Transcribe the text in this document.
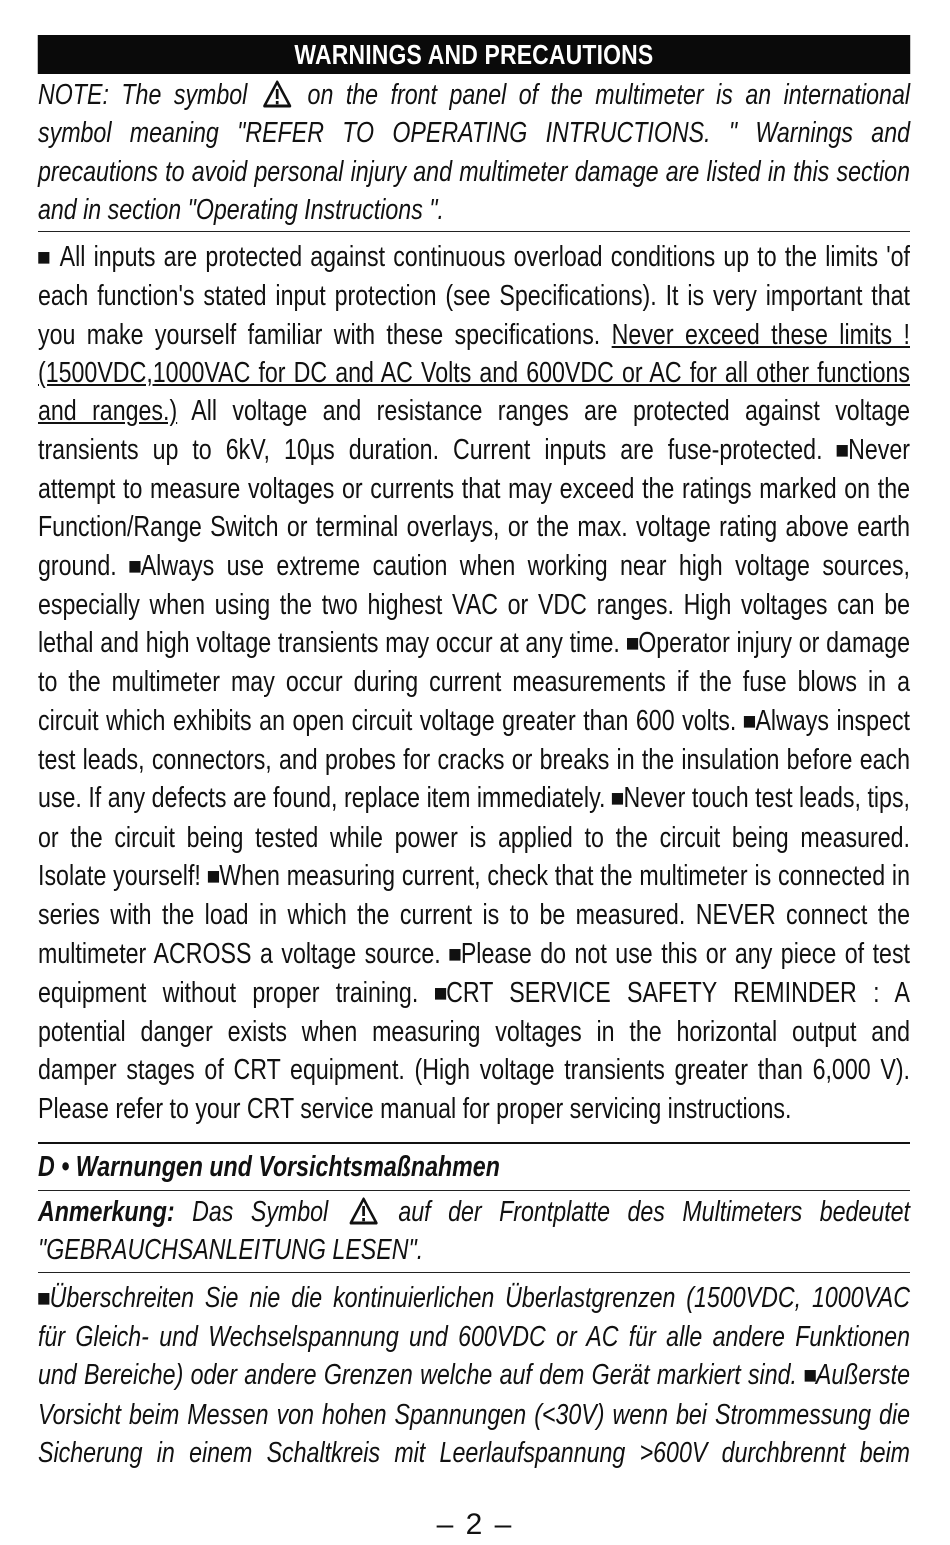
WARNINGS AND PRECAUTIONS
NOTE: The symbol on the front panel of the multimeter is an international symbol meaning "REFER TO OPERATING INTRUCTIONS. " Warnings and precautions to avoid personal injury and multimeter damage are listed in this section and in section "Operating Instructions ".
■ All inputs are protected against continuous overload conditions up to the limits 'of each function's stated input protection (see Specifications). It is very important that you make yourself familiar with these specifications. Never exceed these limits ! (1500VDC,1000VAC for DC and AC Volts and 600VDC or AC for all other functions and ranges.) All voltage and resistance ranges are protected against voltage transients up to 6kV, 10µs duration. Current inputs are fuse-protected. ■Never attempt to measure voltages or currents that may exceed the ratings marked on the Function/Range Switch or terminal overlays, or the max. voltage rating above earth ground. ■Always use extreme caution when working near high voltage sources, especially when using the two highest VAC or VDC ranges. High voltages can be lethal and high voltage transients may occur at any time. ■Operator injury or damage to the multimeter may occur during current measurements if the fuse blows in a circuit which exhibits an open circuit voltage greater than 600 volts. ■Always inspect test leads, connectors, and probes for cracks or breaks in the insulation before each use. If any defects are found, replace item immediately. ■Never touch test leads, tips, or the circuit being tested while power is applied to the circuit being measured. Isolate yourself! ■When measuring current, check that the multimeter is connected in series with the load in which the current is to be measured. NEVER connect the multimeter ACROSS a voltage source. ■Please do not use this or any piece of test equipment without proper training. ■CRT SERVICE SAFETY REMINDER : A potential danger exists when measuring voltages in the horizontal output and damper stages of CRT equipment. (High voltage transients greater than 6,000 V). Please refer to your CRT service manual for proper servicing instructions.
D • Warnungen und Vorsichtsmaßnahmen
Anmerkung: Das Symbol auf der Frontplatte des Multimeters bedeutet "GEBRAUCHSANLEITUNG LESEN".
■Überschreiten Sie nie die kontinuierlichen Überlastgrenzen (1500VDC, 1000VAC für Gleich- und Wechselspannung und 600VDC or AC für alle andere Funktionen und Bereiche) oder andere Grenzen welche auf dem Gerät markiert sind. ■Außerste Vorsicht beim Messen von hohen Spannungen (<30V) wenn bei Strommessung die Sicherung in einem Schaltkreis mit Leerlaufspannung >600V durchbrennt beim
– 2 –
